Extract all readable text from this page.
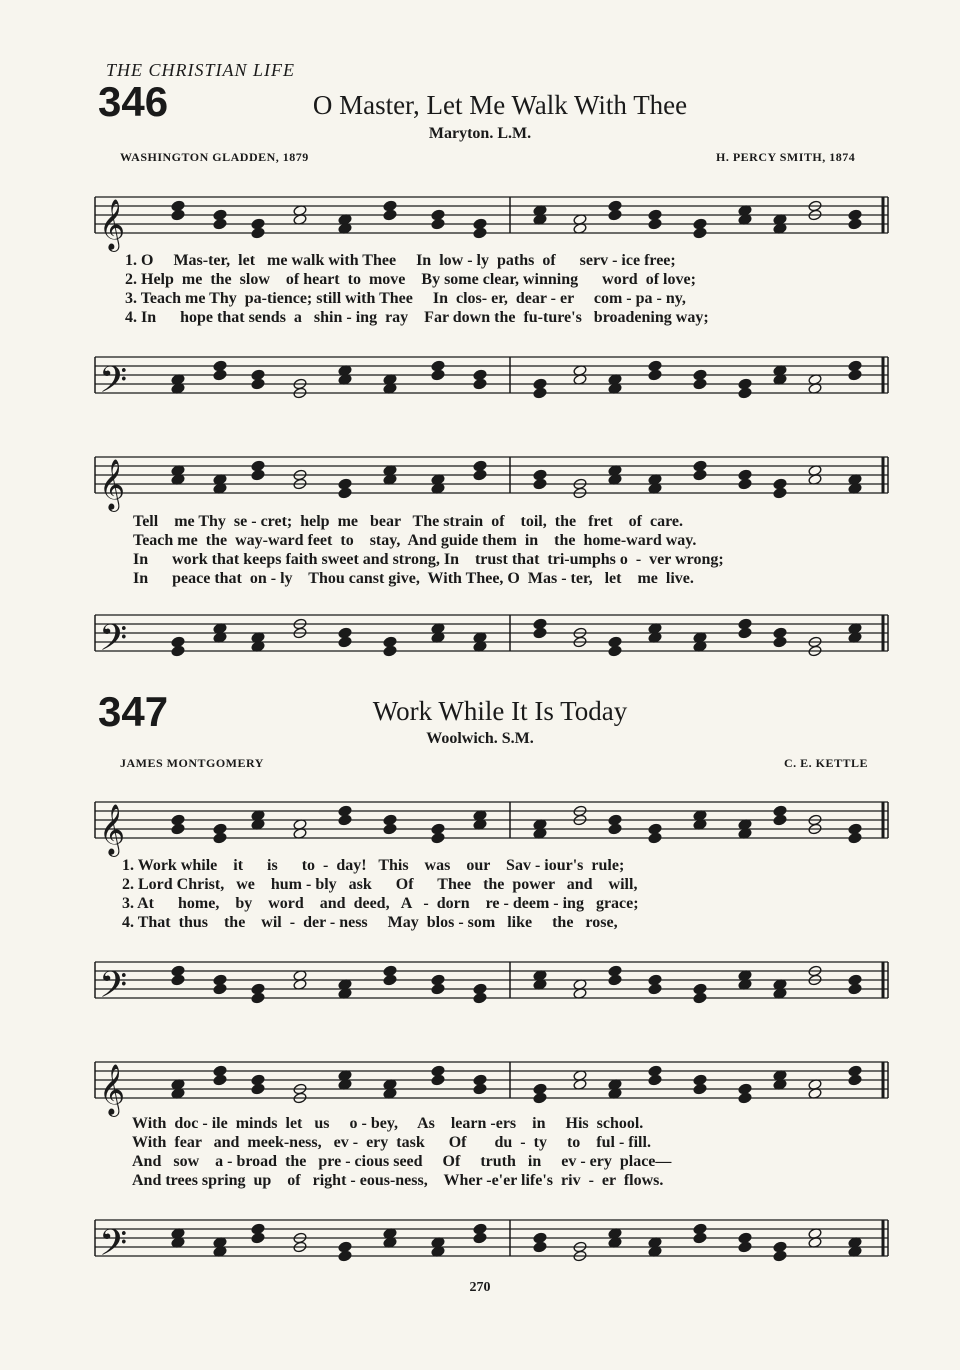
THE CHRISTIAN LIFE
346	O Master, Let Me Walk With Thee
Maryton. L.M.
WASHINGTON GLADDEN, 1879	H. PERCY SMITH, 1874
𝄞
1. O     Mas-ter,  let   me walk with Thee     In  low - ly  paths  of      serv - ice free;
2. Help  me  the  slow    of heart  to  move    By some clear, winning      word  of love;
3. Teach me Thy  pa-tience; still with Thee     In  clos- er,  dear - er     com - pa - ny,
4. In      hope that sends  a   shin - ing  ray    Far down the  fu-ture's   broadening way;
𝄢
𝄞
Tell    me Thy  se - cret;  help  me   bear   The strain  of    toil,  the   fret    of  care.
Teach me  the  way-ward feet  to    stay,  And guide them  in    the  home-ward way.
In      work that keeps faith sweet and strong, In    trust that  tri-umphs o  -  ver wrong;
In      peace that  on - ly    Thou canst give,  With Thee, O  Mas - ter,   let    me  live.
𝄢
347	Work While It Is Today
Woolwich. S.M.
JAMES MONTGOMERY	C. E. KETTLE
𝄞
1. Work while    it      is      to  -  day!   This    was    our    Sav - iour's  rule;
2. Lord Christ,   we    hum - bly   ask      Of      Thee   the  power   and    will,
3. At      home,    by    word    and  deed,   A   -  dorn    re - deem - ing   grace;
4. That  thus    the    wil  -  der - ness     May  blos - som   like     the   rose,
𝄢
𝄞
With  doc - ile  minds  let   us     o - bey,     As    learn -ers    in     His  school.
With  fear   and  meek-ness,   ev -  ery  task      Of       du  -  ty     to    ful - fill.
And   sow    a - broad  the   pre - cious seed     Of     truth   in     ev - ery  place—
And trees spring  up    of   right - eous-ness,    Wher -e'er life's  riv  -  er  flows.
𝄢
270
